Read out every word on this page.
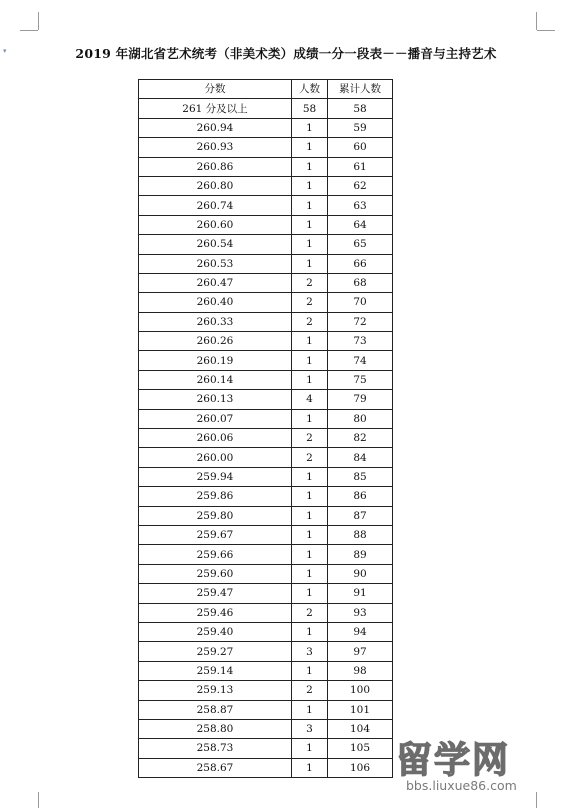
▾	2019 年湖北省艺术统考（非美术类）成绩一分一段表－－播音与主持艺术
分数	人数	累计人数
261 分及以上	58	58
260.94	1	59
260.93	1	60
260.86	1	61
260.80	1	62
260.74	1	63
260.60	1	64
260.54	1	65
260.53	1	66
260.47	2	68
260.40	2	70
260.33	2	72
260.26	1	73
260.19	1	74
260.14	1	75
260.13	4	79
260.07	1	80
260.06	2	82
260.00	2	84
259.94	1	85
259.86	1	86
259.80	1	87
259.67	1	88
259.66	1	89
259.60	1	90
259.47	1	91
259.46	2	93
259.40	1	94
259.27	3	97
259.14	1	98
259.13	2	100
258.87	1	101
258.80	3	104
258.73	1	105
258.67	1	106 留学网
bbs.liuxue86.com
